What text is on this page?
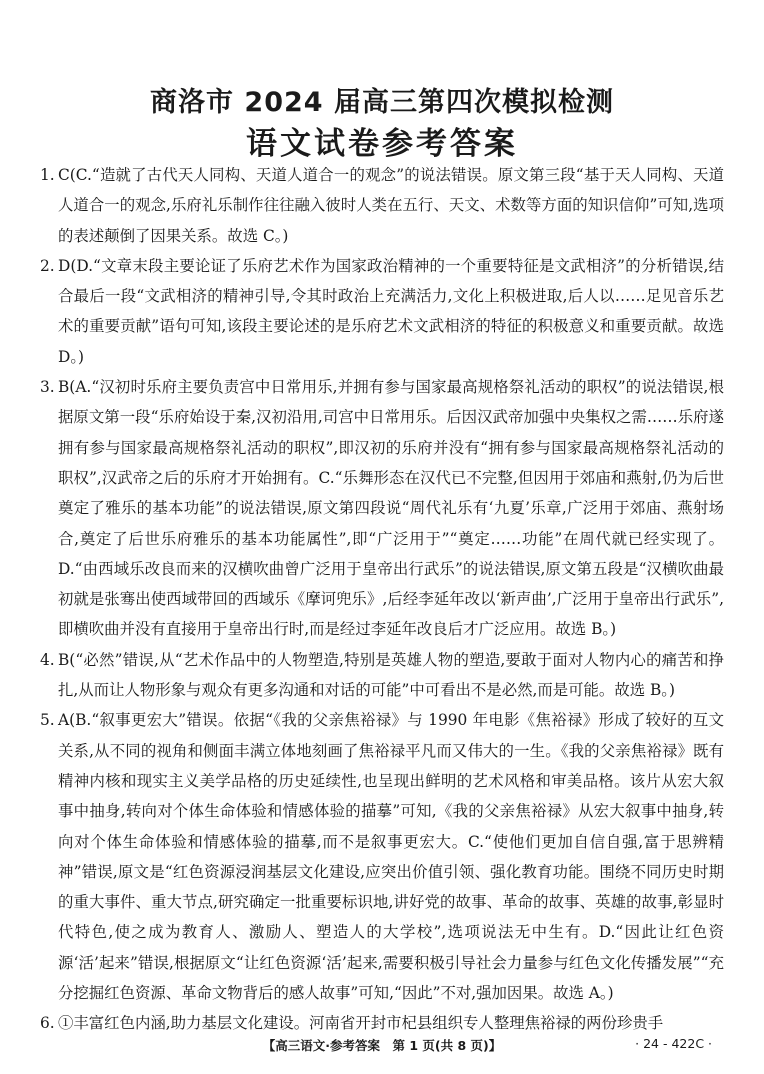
商洛市 2024 届高三第四次模拟检测
语文试卷参考答案
1. C(C.“造就了古代天人同构、天道人道合一的观念”的说法错误。原文第三段“基于天人同构、天道人道合一的观念,乐府礼乐制作往往融入彼时人类在五行、天文、术数等方面的知识信仰”可知,选项的表述颠倒了因果关系。故选 C。)
2. D(D.“文章末段主要论证了乐府艺术作为国家政治精神的一个重要特征是文武相济”的分析错误,结合最后一段“文武相济的精神引导,令其时政治上充满活力,文化上积极进取,后人以……足见音乐艺术的重要贡献”语句可知,该段主要论述的是乐府艺术文武相济的特征的积极意义和重要贡献。故选 D。)
3. B(A.“汉初时乐府主要负责宫中日常用乐,并拥有参与国家最高规格祭礼活动的职权”的说法错误,根据原文第一段“乐府始设于秦,汉初沿用,司宫中日常用乐。后因汉武帝加强中央集权之需……乐府遂拥有参与国家最高规格祭礼活动的职权”,即汉初的乐府并没有“拥有参与国家最高规格祭礼活动的职权”,汉武帝之后的乐府才开始拥有。C.“乐舞形态在汉代已不完整,但因用于郊庙和燕射,仍为后世奠定了雅乐的基本功能”的说法错误,原文第四段说“周代礼乐有‘九夏’乐章,广泛用于郊庙、燕射场合,奠定了后世乐府雅乐的基本功能属性”,即“广泛用于”“奠定……功能”在周代就已经实现了。D.“由西域乐改良而来的汉横吹曲曾广泛用于皇帝出行武乐”的说法错误,原文第五段是“汉横吹曲最初就是张骞出使西域带回的西域乐《摩诃兜乐》,后经李延年改以‘新声曲’,广泛用于皇帝出行武乐”,即横吹曲并没有直接用于皇帝出行时,而是经过李延年改良后才广泛应用。故选 B。)
4. B(“必然”错误,从“艺术作品中的人物塑造,特别是英雄人物的塑造,要敢于面对人物内心的痛苦和挣扎,从而让人物形象与观众有更多沟通和对话的可能”中可看出不是必然,而是可能。故选 B。)
5. A(B.“叙事更宏大”错误。依据“《我的父亲焦裕禄》与 1990 年电影《焦裕禄》形成了较好的互文关系,从不同的视角和侧面丰满立体地刻画了焦裕禄平凡而又伟大的一生。《我的父亲焦裕禄》既有精神内核和现实主义美学品格的历史延续性,也呈现出鲜明的艺术风格和审美品格。该片从宏大叙事中抽身,转向对个体生命体验和情感体验的描摹”可知,《我的父亲焦裕禄》从宏大叙事中抽身,转向对个体生命体验和情感体验的描摹,而不是叙事更宏大。C.“使他们更加自信自强,富于思辨精神”错误,原文是“红色资源浸润基层文化建设,应突出价值引领、强化教育功能。围绕不同历史时期的重大事件、重大节点,研究确定一批重要标识地,讲好党的故事、革命的故事、英雄的故事,彰显时代特色,使之成为教育人、激励人、塑造人的大学校”,选项说法无中生有。D.“因此让红色资源‘活’起来”错误,根据原文“让红色资源‘活’起来,需要积极引导社会力量参与红色文化传播发展”“充分挖掘红色资源、革命文物背后的感人故事”可知,“因此”不对,强加因果。故选 A。)
6. ①丰富红色内涵,助力基层文化建设。河南省开封市杞县组织专人整理焦裕禄的两份珍贵手
【高三语文·参考答案　第 1 页(共 8 页)】	· 24 - 422C ·
